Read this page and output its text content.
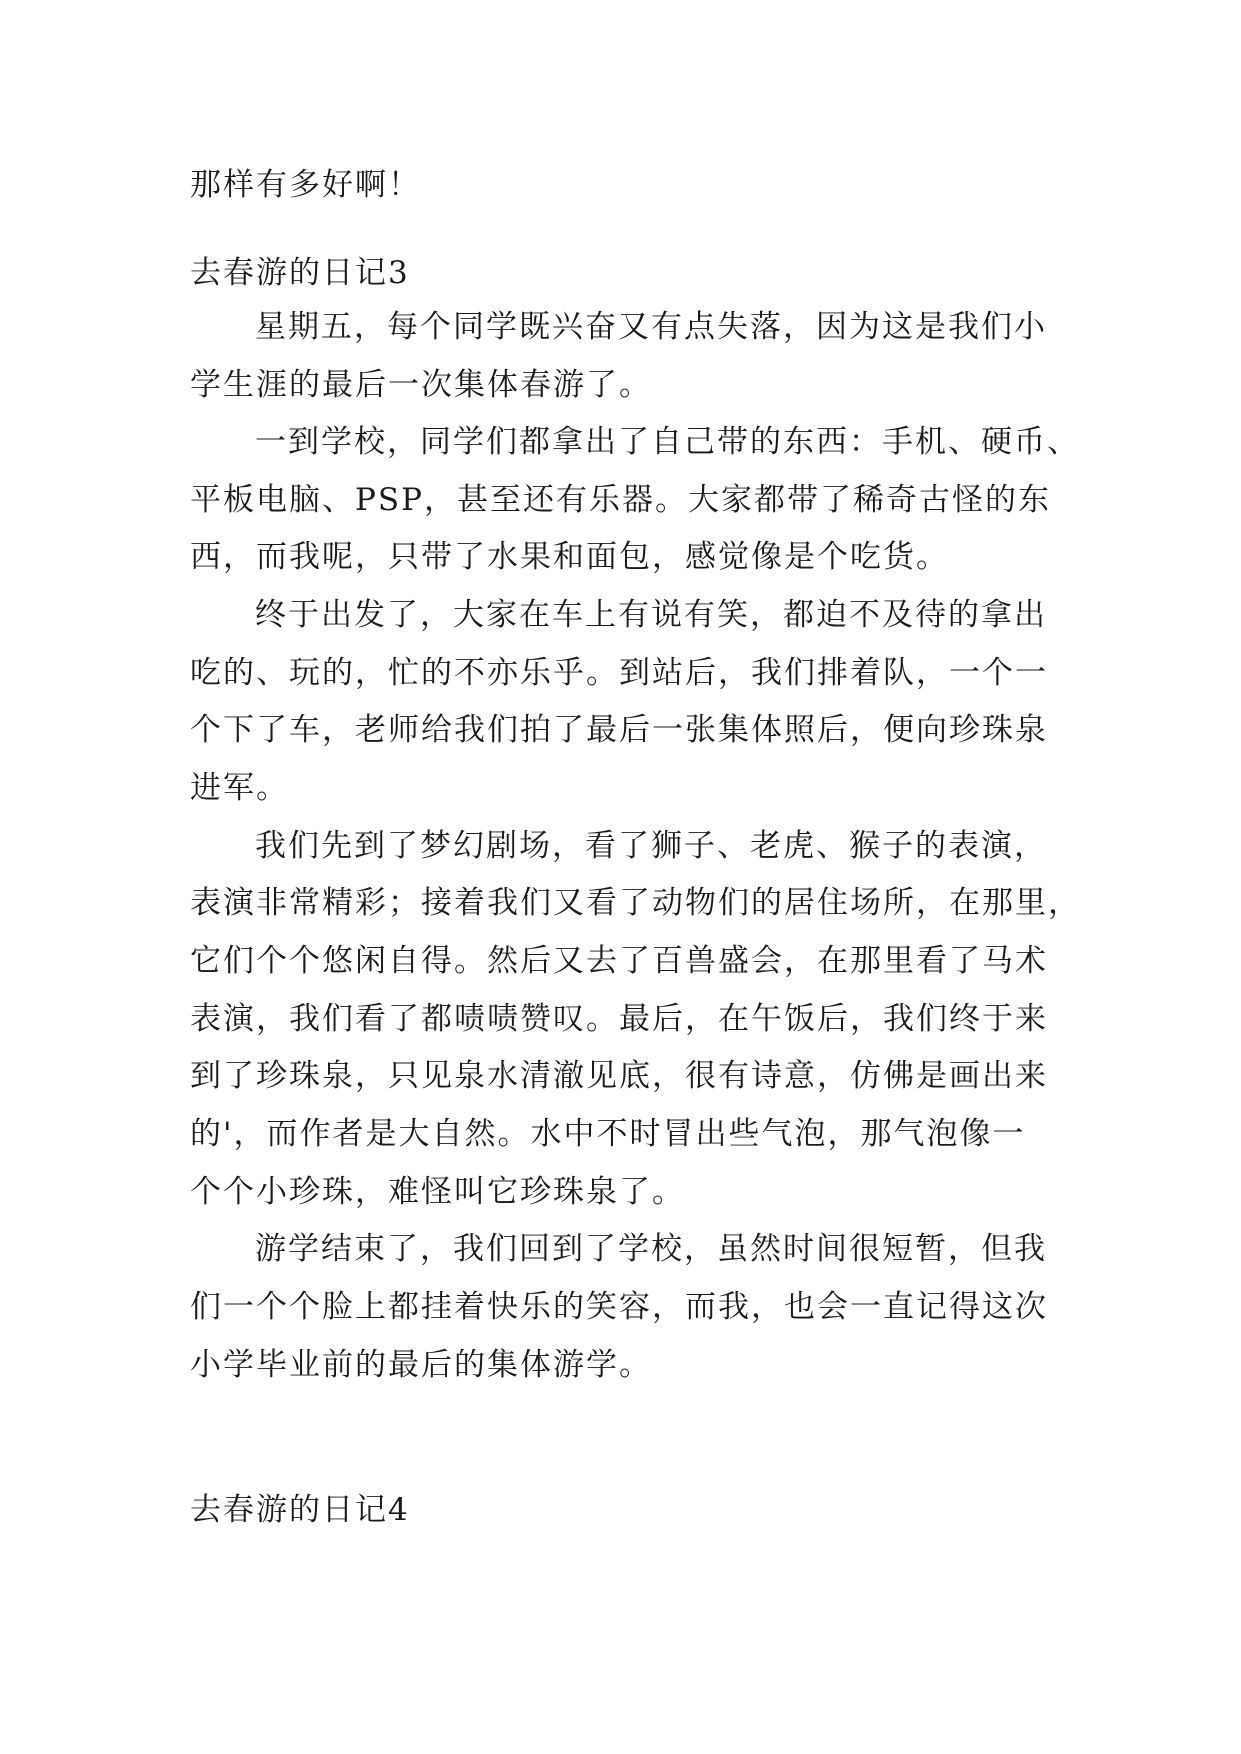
那样有多好啊！
去春游的日记3
星期五，每个同学既兴奋又有点失落，因为这是我们小
学生涯的最后一次集体春游了。
一到学校，同学们都拿出了自己带的东西：手机、硬币、
平板电脑、PSP，甚至还有乐器。大家都带了稀奇古怪的东
西，而我呢，只带了水果和面包，感觉像是个吃货。
终于出发了，大家在车上有说有笑，都迫不及待的拿出
吃的、玩的，忙的不亦乐乎。到站后，我们排着队，一个一
个下了车，老师给我们拍了最后一张集体照后，便向珍珠泉
进军。
我们先到了梦幻剧场，看了狮子、老虎、猴子的表演，
表演非常精彩；接着我们又看了动物们的居住场所，在那里，
它们个个悠闲自得。然后又去了百兽盛会，在那里看了马术
表演，我们看了都啧啧赞叹。最后，在午饭后，我们终于来
到了珍珠泉，只见泉水清澈见底，很有诗意，仿佛是画出来
的'，而作者是大自然。水中不时冒出些气泡，那气泡像一
个个小珍珠，难怪叫它珍珠泉了。
游学结束了，我们回到了学校，虽然时间很短暂，但我
们一个个脸上都挂着快乐的笑容，而我，也会一直记得这次
小学毕业前的最后的集体游学。
去春游的日记4
